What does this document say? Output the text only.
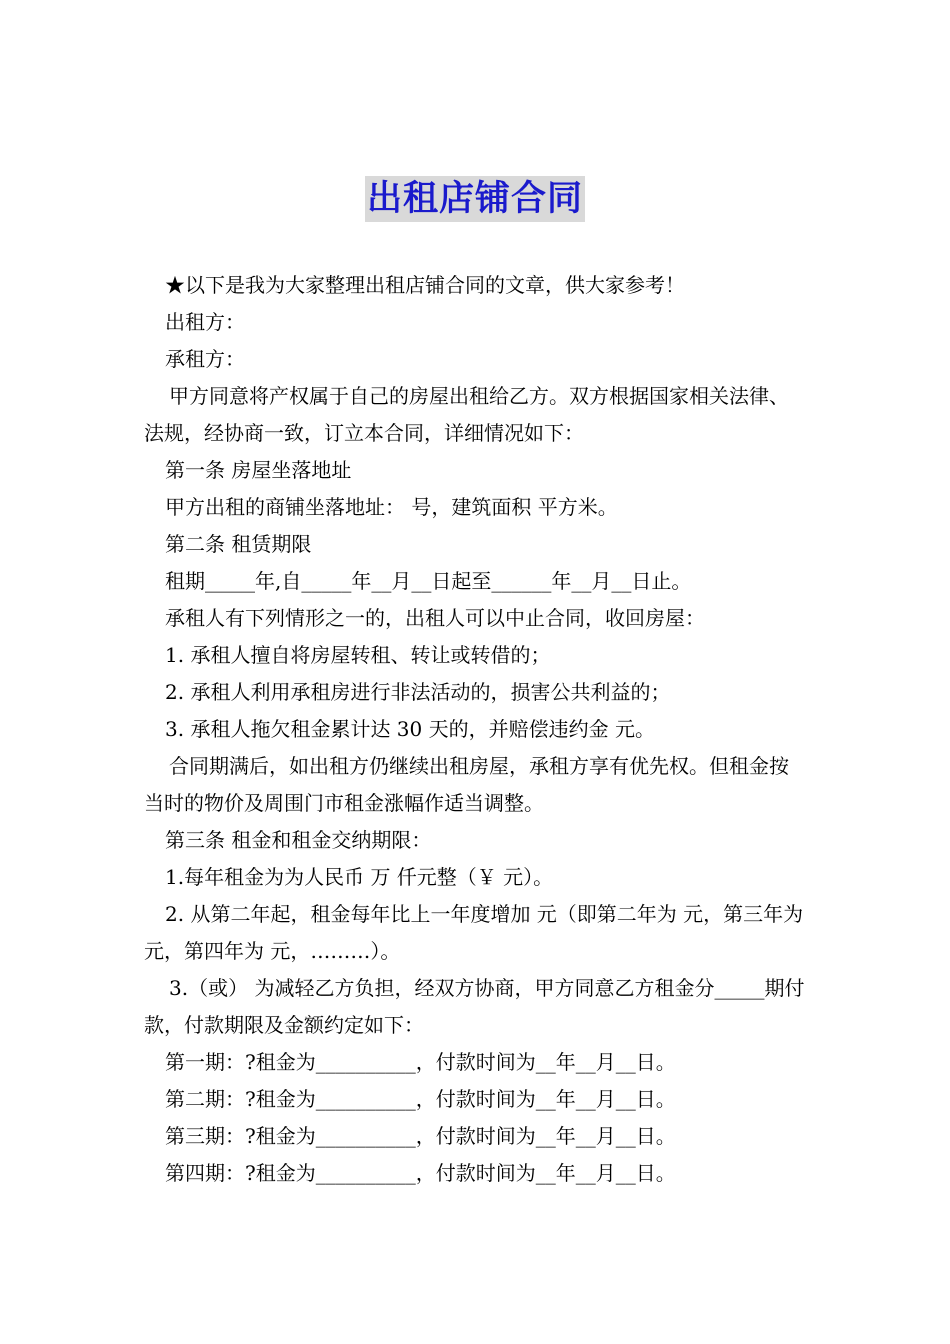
出租店铺合同

★以下是我为大家整理出租店铺合同的文章，供大家参考！

出租方：

承租方：

甲方同意将产权属于自己的房屋出租给乙方。双方根据国家相关法律、法规，经协商一致，订立本合同，详细情况如下：

第一条 房屋坐落地址

甲方出租的商铺坐落地址： 号，建筑面积 平方米。

第二条 租赁期限

租期_____年,自_____年__月__日起至______年__月__日止。

承租人有下列情形之一的，出租人可以中止合同，收回房屋：

1. 承租人擅自将房屋转租、转让或转借的；

2. 承租人利用承租房进行非法活动的，损害公共利益的；

3. 承租人拖欠租金累计达 30 天的，并赔偿违约金 元。

合同期满后，如出租方仍继续出租房屋，承租方享有优先权。但租金按当时的物价及周围门市租金涨幅作适当调整。

第三条 租金和租金交纳期限：

1.每年租金为为人民币 万 仟元整（￥ 元）。

2. 从第二年起，租金每年比上一年度增加 元（即第二年为 元，第三年为 元，第四年为 元，………）。

3.（或） 为减轻乙方负担，经双方协商，甲方同意乙方租金分_____期付款，付款期限及金额约定如下：

第一期：?租金为__________，付款时间为__年__月__日。

第二期：?租金为__________，付款时间为__年__月__日。

第三期：?租金为__________，付款时间为__年__月__日。

第四期：?租金为__________，付款时间为__年__月__日。
